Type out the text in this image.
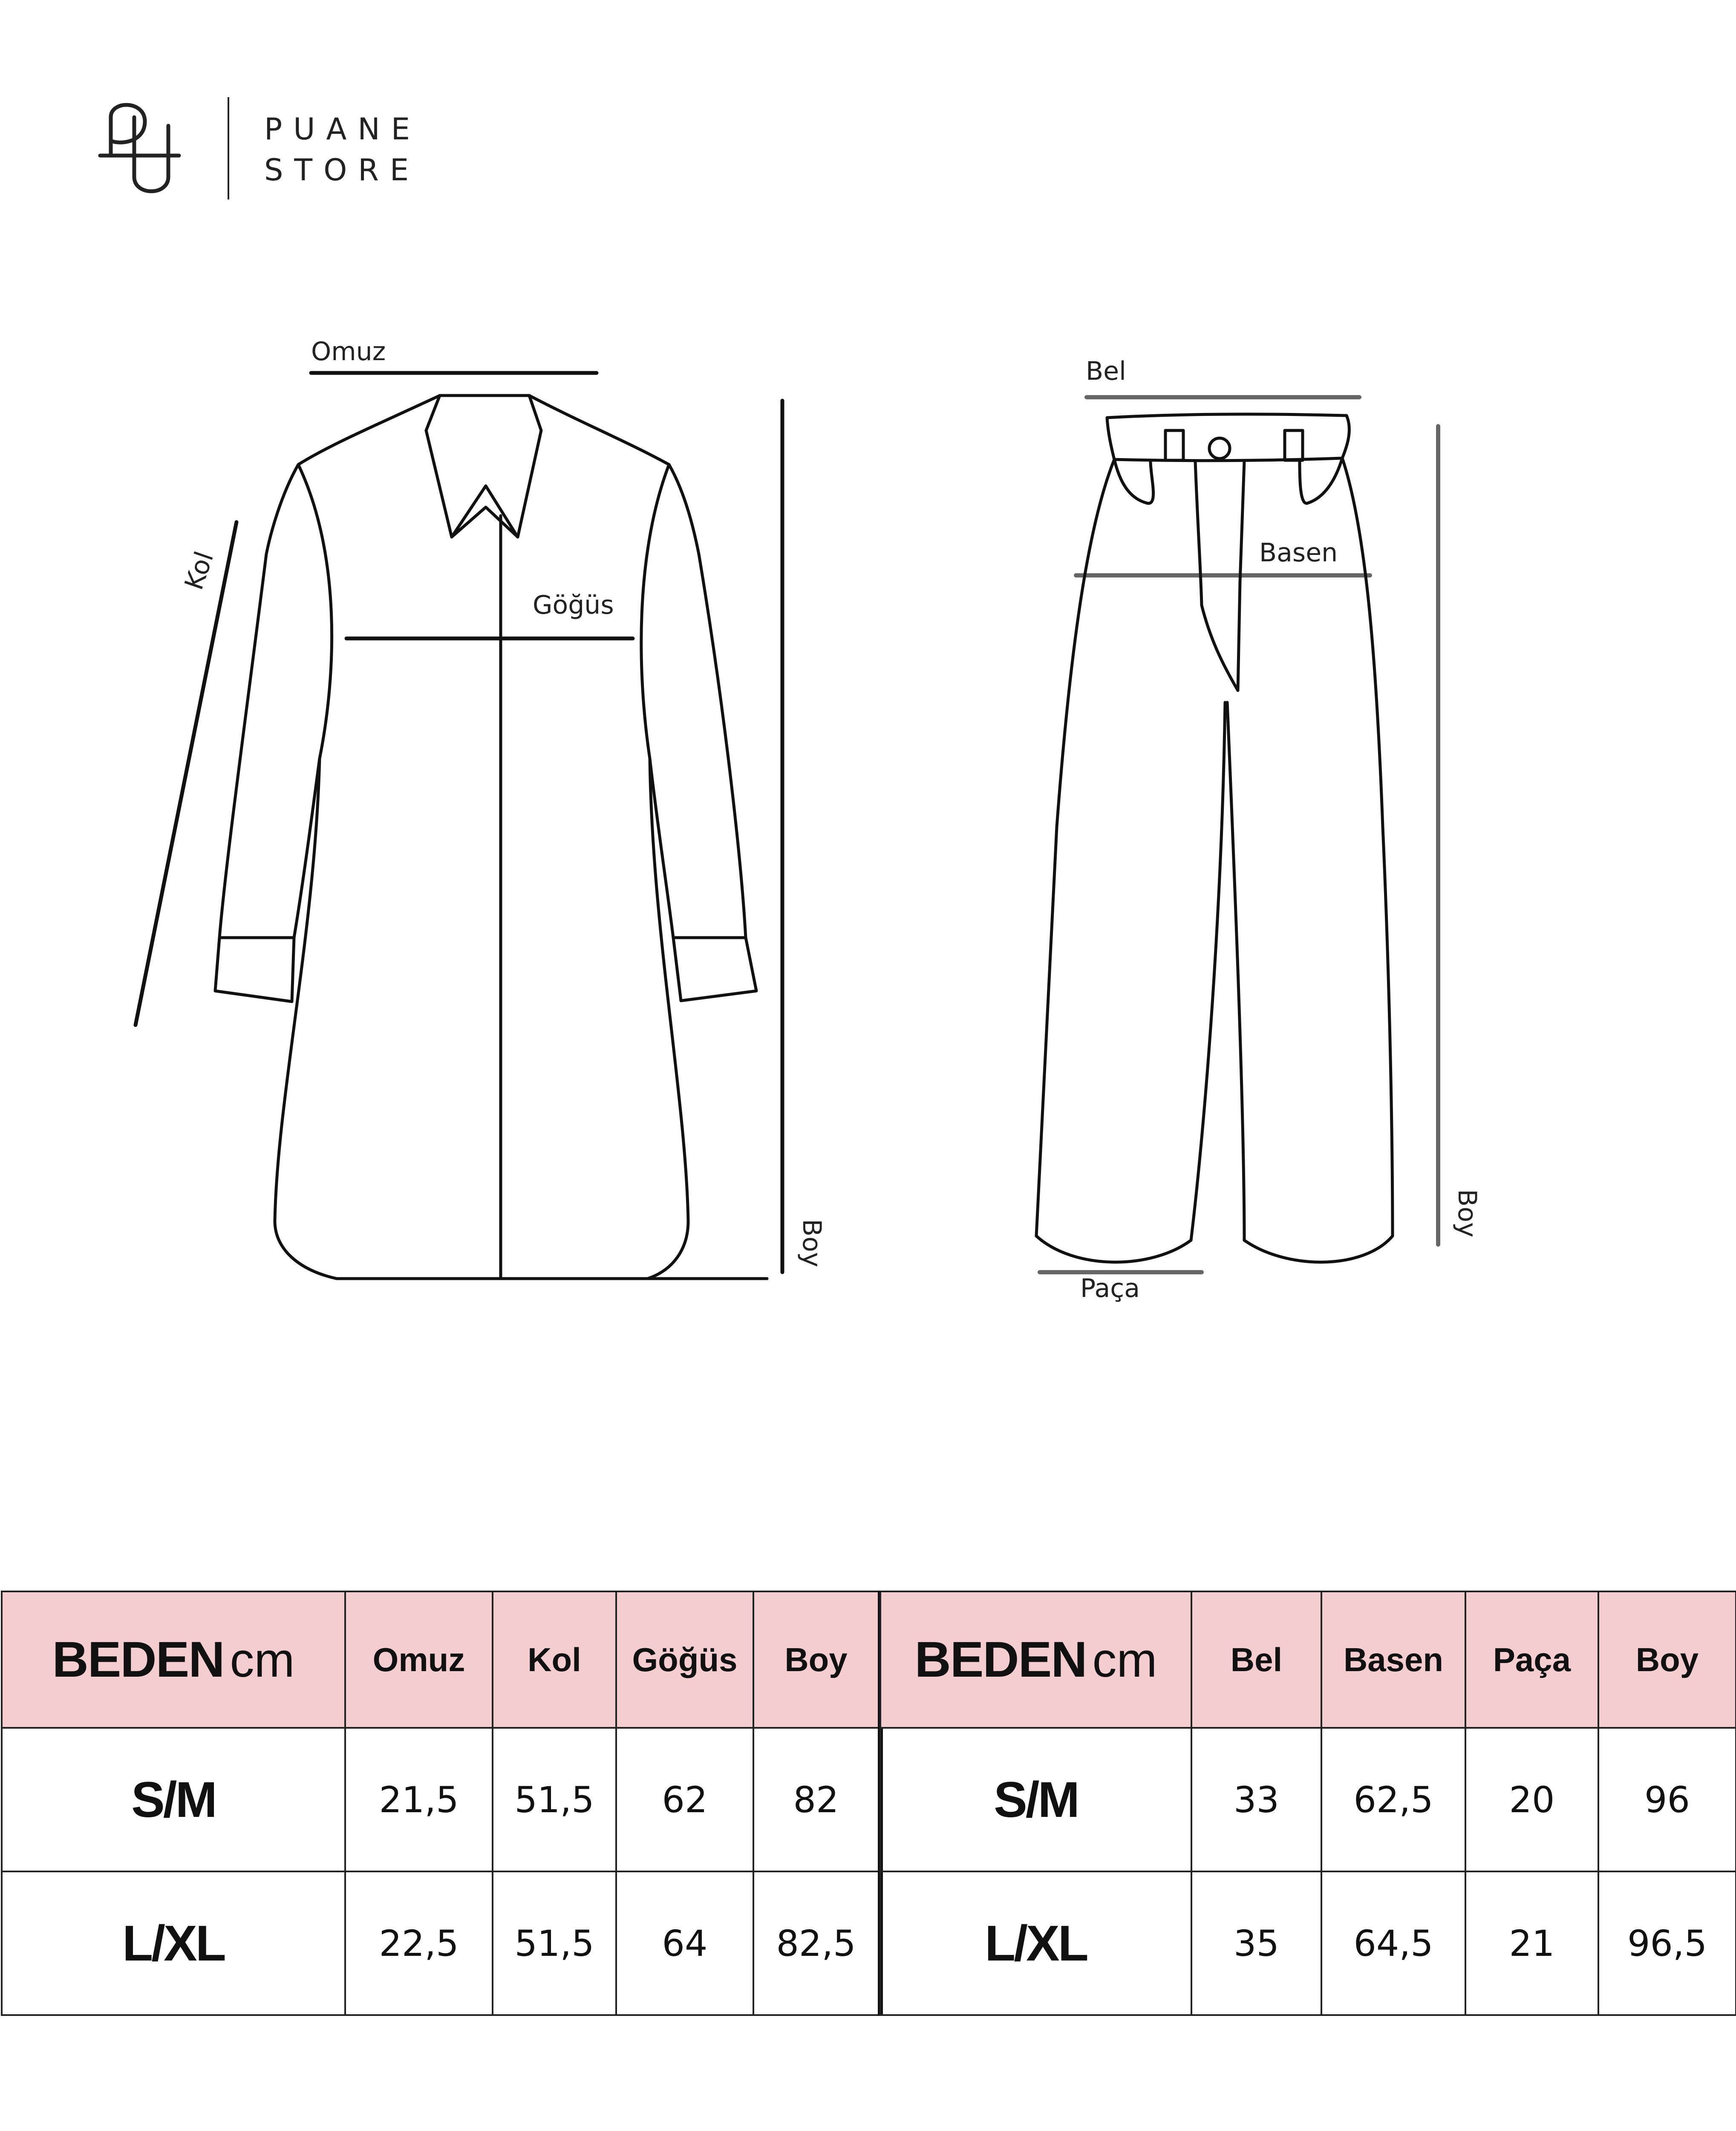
PUANE
STORE
Omuz
Kol
Göğüs
Boy
Bel
Basen
Paça
Boy
BEDEN cm	Omuz	Kol	Göğüs	Boy
S/M	21,5	51,5	62	82
L/XL	22,5	51,5	64	82,5
BEDEN cm	Bel	Basen	Paça	Boy
S/M	33	62,5	20	96
L/XL	35	64,5	21	96,5
